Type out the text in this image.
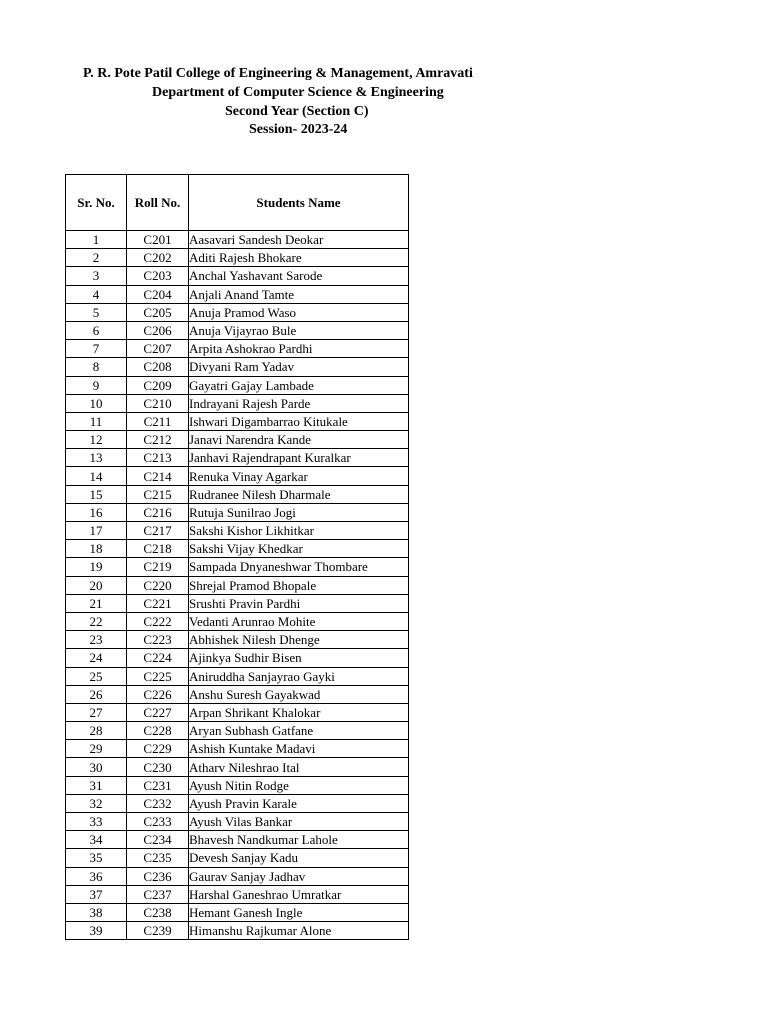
P. R. Pote Patil College of Engineering & Management, Amravati
Department of Computer Science & Engineering
Second Year (Section C)
Session- 2023-24
Sr. No.	Roll No.	Students Name
1	C201	Aasavari Sandesh Deokar
2	C202	Aditi Rajesh Bhokare
3	C203	Anchal Yashavant Sarode
4	C204	Anjali Anand Tamte
5	C205	Anuja Pramod Waso
6	C206	Anuja Vijayrao Bule
7	C207	Arpita Ashokrao Pardhi
8	C208	Divyani Ram Yadav
9	C209	Gayatri Gajay Lambade
10	C210	Indrayani Rajesh Parde
11	C211	Ishwari Digambarrao Kitukale
12	C212	Janavi Narendra Kande
13	C213	Janhavi Rajendrapant Kuralkar
14	C214	Renuka Vinay Agarkar
15	C215	Rudranee Nilesh Dharmale
16	C216	Rutuja Sunilrao Jogi
17	C217	Sakshi Kishor Likhitkar
18	C218	Sakshi Vijay Khedkar
19	C219	Sampada Dnyaneshwar Thombare
20	C220	Shrejal Pramod Bhopale
21	C221	Srushti Pravin Pardhi
22	C222	Vedanti Arunrao Mohite
23	C223	Abhishek Nilesh Dhenge
24	C224	Ajinkya Sudhir Bisen
25	C225	Aniruddha Sanjayrao Gayki
26	C226	Anshu Suresh Gayakwad
27	C227	Arpan Shrikant Khalokar
28	C228	Aryan Subhash Gatfane
29	C229	Ashish Kuntake Madavi
30	C230	Atharv Nileshrao Ital
31	C231	Ayush Nitin Rodge
32	C232	Ayush Pravin Karale
33	C233	Ayush Vilas Bankar
34	C234	Bhavesh Nandkumar Lahole
35	C235	Devesh Sanjay Kadu
36	C236	Gaurav Sanjay Jadhav
37	C237	Harshal Ganeshrao Umratkar
38	C238	Hemant Ganesh Ingle
39	C239	Himanshu Rajkumar Alone
